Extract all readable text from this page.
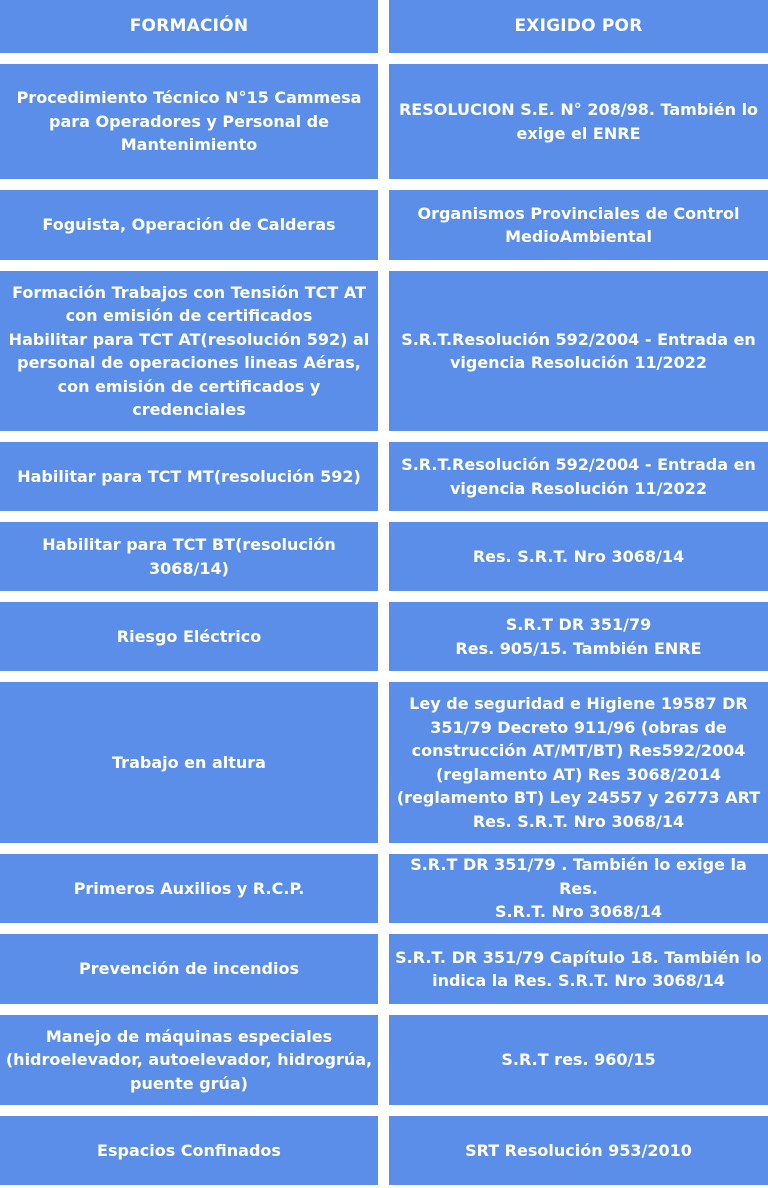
FORMACIÓN	EXIGIDO POR
Procedimiento Técnico N°15 Cammesa
para Operadores y Personal de
Mantenimiento
RESOLUCION S.E. N° 208/98. También lo
exige el ENRE
Foguista, Operación de Calderas
Organismos Provinciales de Control
MedioAmbiental
Formación Trabajos con Tensión TCT AT
con emisión de certificados
Habilitar para TCT AT(resolución 592) al
personal de operaciones lineas Aéras,
con emisión de certificados y
credenciales
S.R.T.Resolución 592/2004 - Entrada en
vigencia Resolución 11/2022
Habilitar para TCT MT(resolución 592)
S.R.T.Resolución 592/2004 - Entrada en
vigencia Resolución 11/2022
Habilitar para TCT BT(resolución 3068/14)
Res. S.R.T. Nro 3068/14
Riesgo Eléctrico
S.R.T DR 351/79
Res. 905/15. También ENRE
Trabajo en altura
Ley de seguridad e Higiene 19587 DR
351/79 Decreto 911/96 (obras de
construcción AT/MT/BT) Res592/2004
(reglamento AT) Res 3068/2014
(reglamento BT) Ley 24557 y 26773 ART
Res. S.R.T. Nro 3068/14
Primeros Auxilios y R.C.P.
S.R.T DR 351/79 . También lo exige la Res.
S.R.T. Nro 3068/14
Prevención de incendios
S.R.T. DR 351/79 Capítulo 18. También lo
indica la Res. S.R.T. Nro 3068/14
Manejo de máquinas especiales
(hidroelevador, autoelevador, hidrogrúa,
puente grúa)
S.R.T res. 960/15
Espacios Confinados	SRT Resolución 953/2010
